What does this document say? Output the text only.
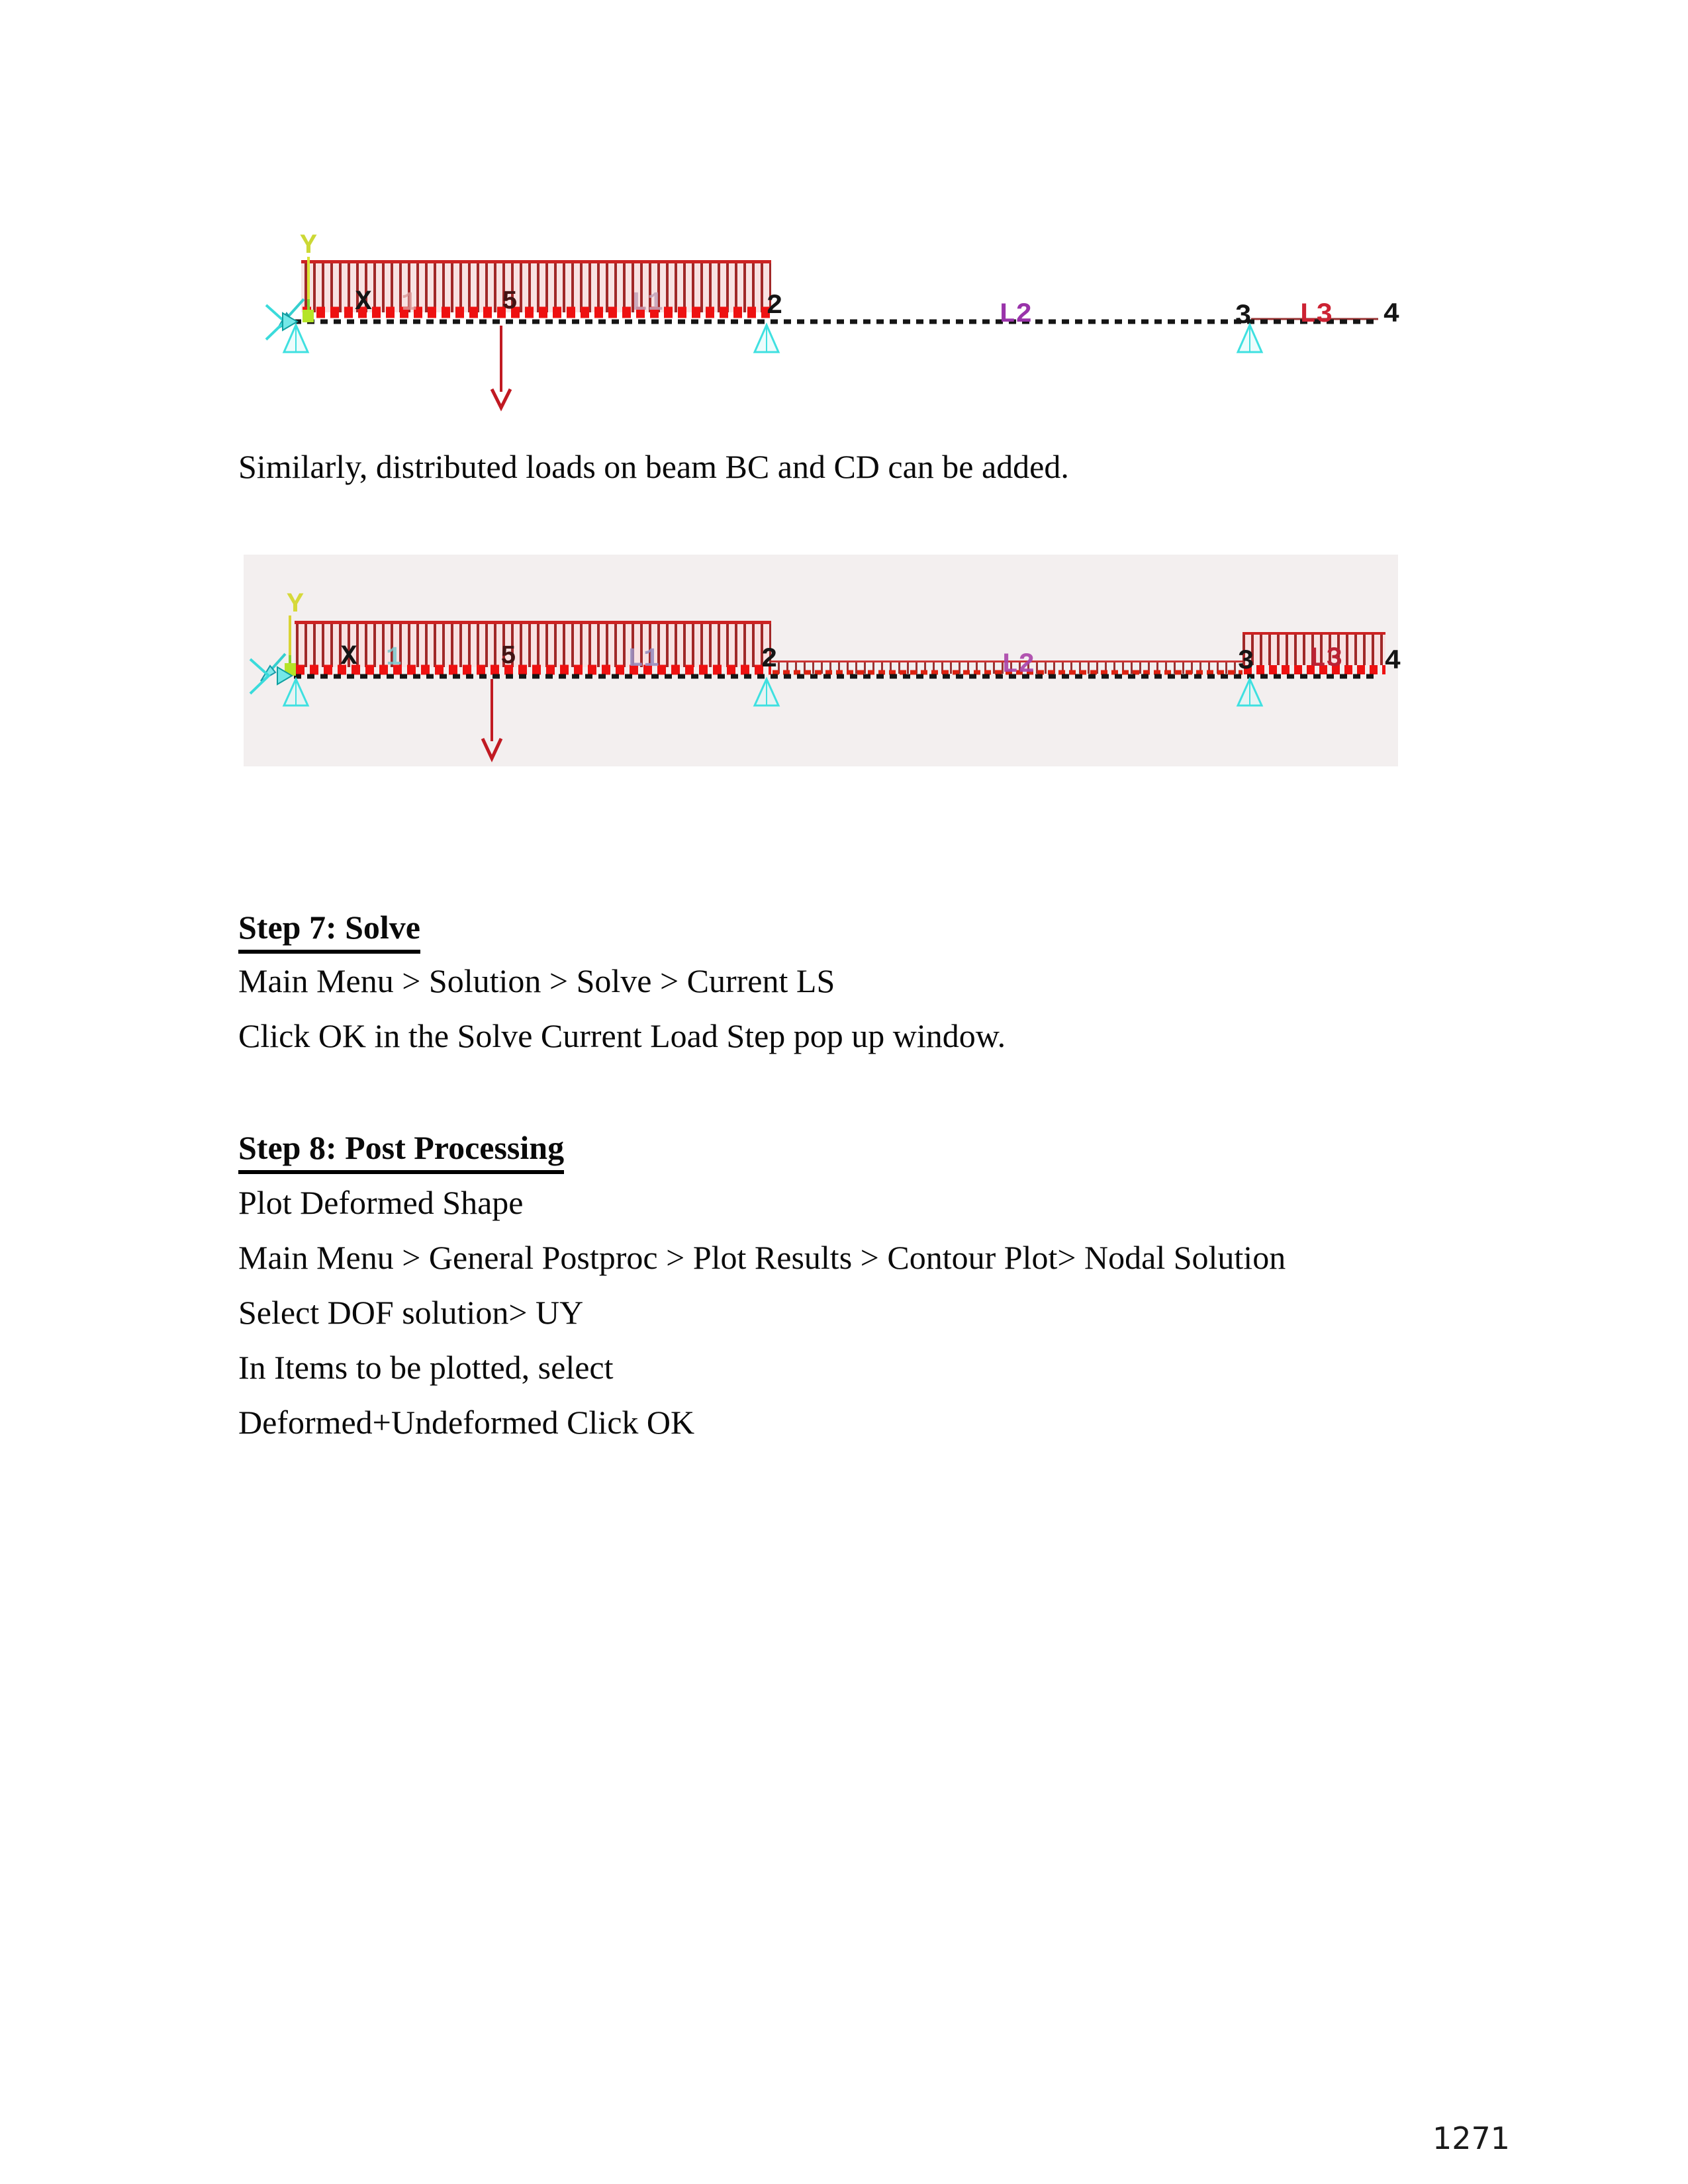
Y
X 1	5	L1	2	L2	3 L3 4
Similarly, distributed loads on beam BC and CD can be added.
Y
X 1	5	L1	2	L2	3 L3 4
Step 7: Solve
Main Menu > Solution > Solve > Current LS
Click OK in the Solve Current Load Step pop up window.
Step 8: Post Processing
Plot Deformed Shape
Main Menu > General Postproc > Plot Results > Contour Plot> Nodal Solution
Select DOF solution> UY
In Items to be plotted, select
Deformed+Undeformed Click OK
1271
